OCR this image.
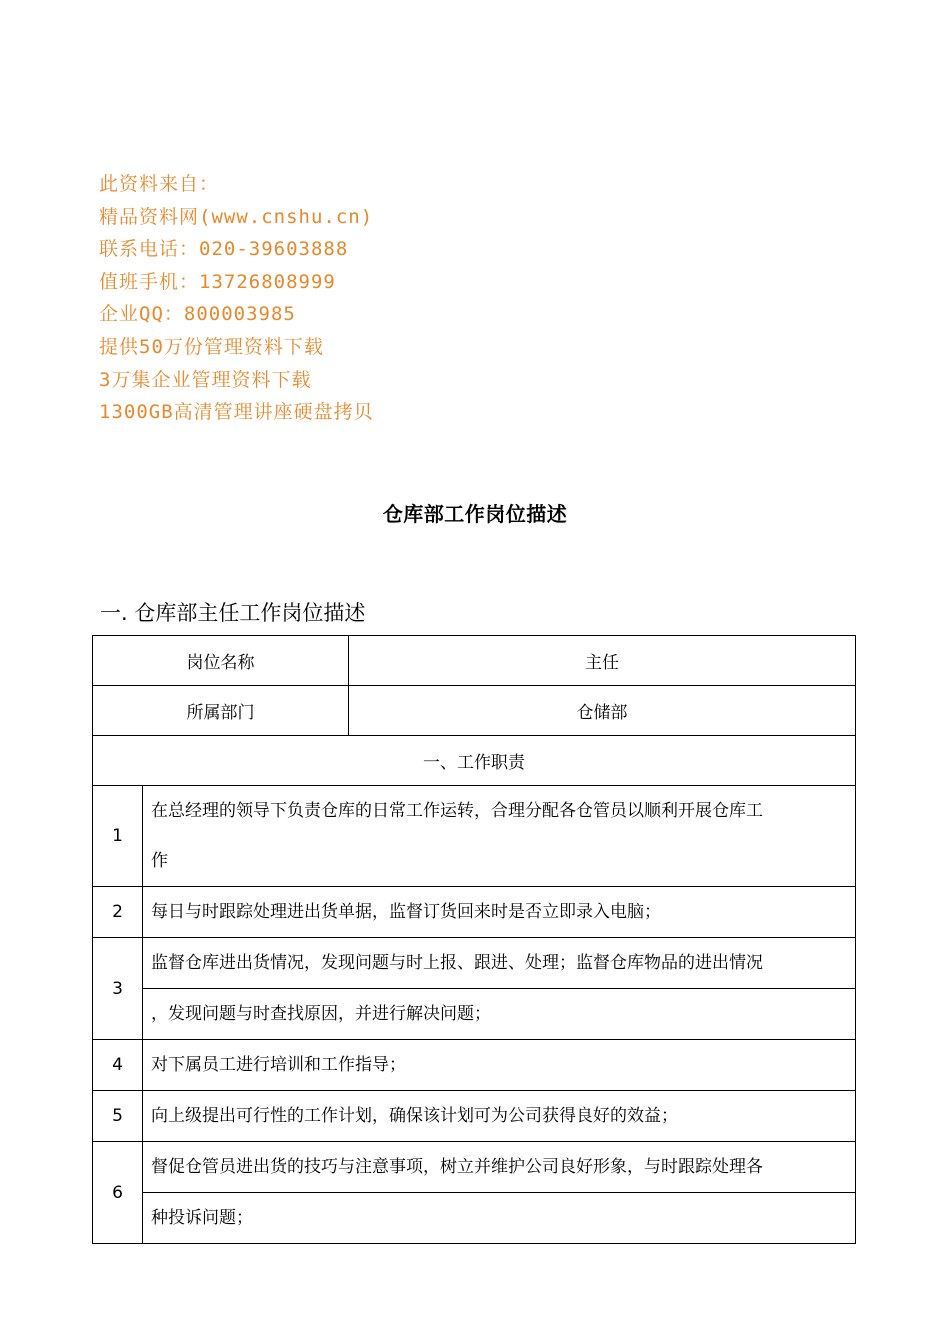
此资料来自：
精品资料网(www.cnshu.cn)
联系电话：020-39603888
值班手机：13726808999
企业QQ：800003985
提供50万份管理资料下载
3万集企业管理资料下载
1300GB高清管理讲座硬盘拷贝
仓库部工作岗位描述
一. 仓库部主任工作岗位描述
岗位名称		主任
所属部门		仓储部
一、工作职责		
1	在总经理的领导下负责仓库的日常工作运转，合理分配各仓管员以顺利开展仓库工
作	

2	每日与时跟踪处理进出货单据，监督订货回来时是否立即录入电脑；	

3	监督仓库进出货情况，发现问题与时上报、跟进、处理；监督仓库物品的进出情况
，发现问题与时查找原因，并进行解决问题；	

4	对下属员工进行培训和工作指导；	

5	向上级提出可行性的工作计划，确保该计划可为公司获得良好的效益；	

6	督促仓管员进出货的技巧与注意事项，树立并维护公司良好形象，与时跟踪处理各
种投诉问题；	
